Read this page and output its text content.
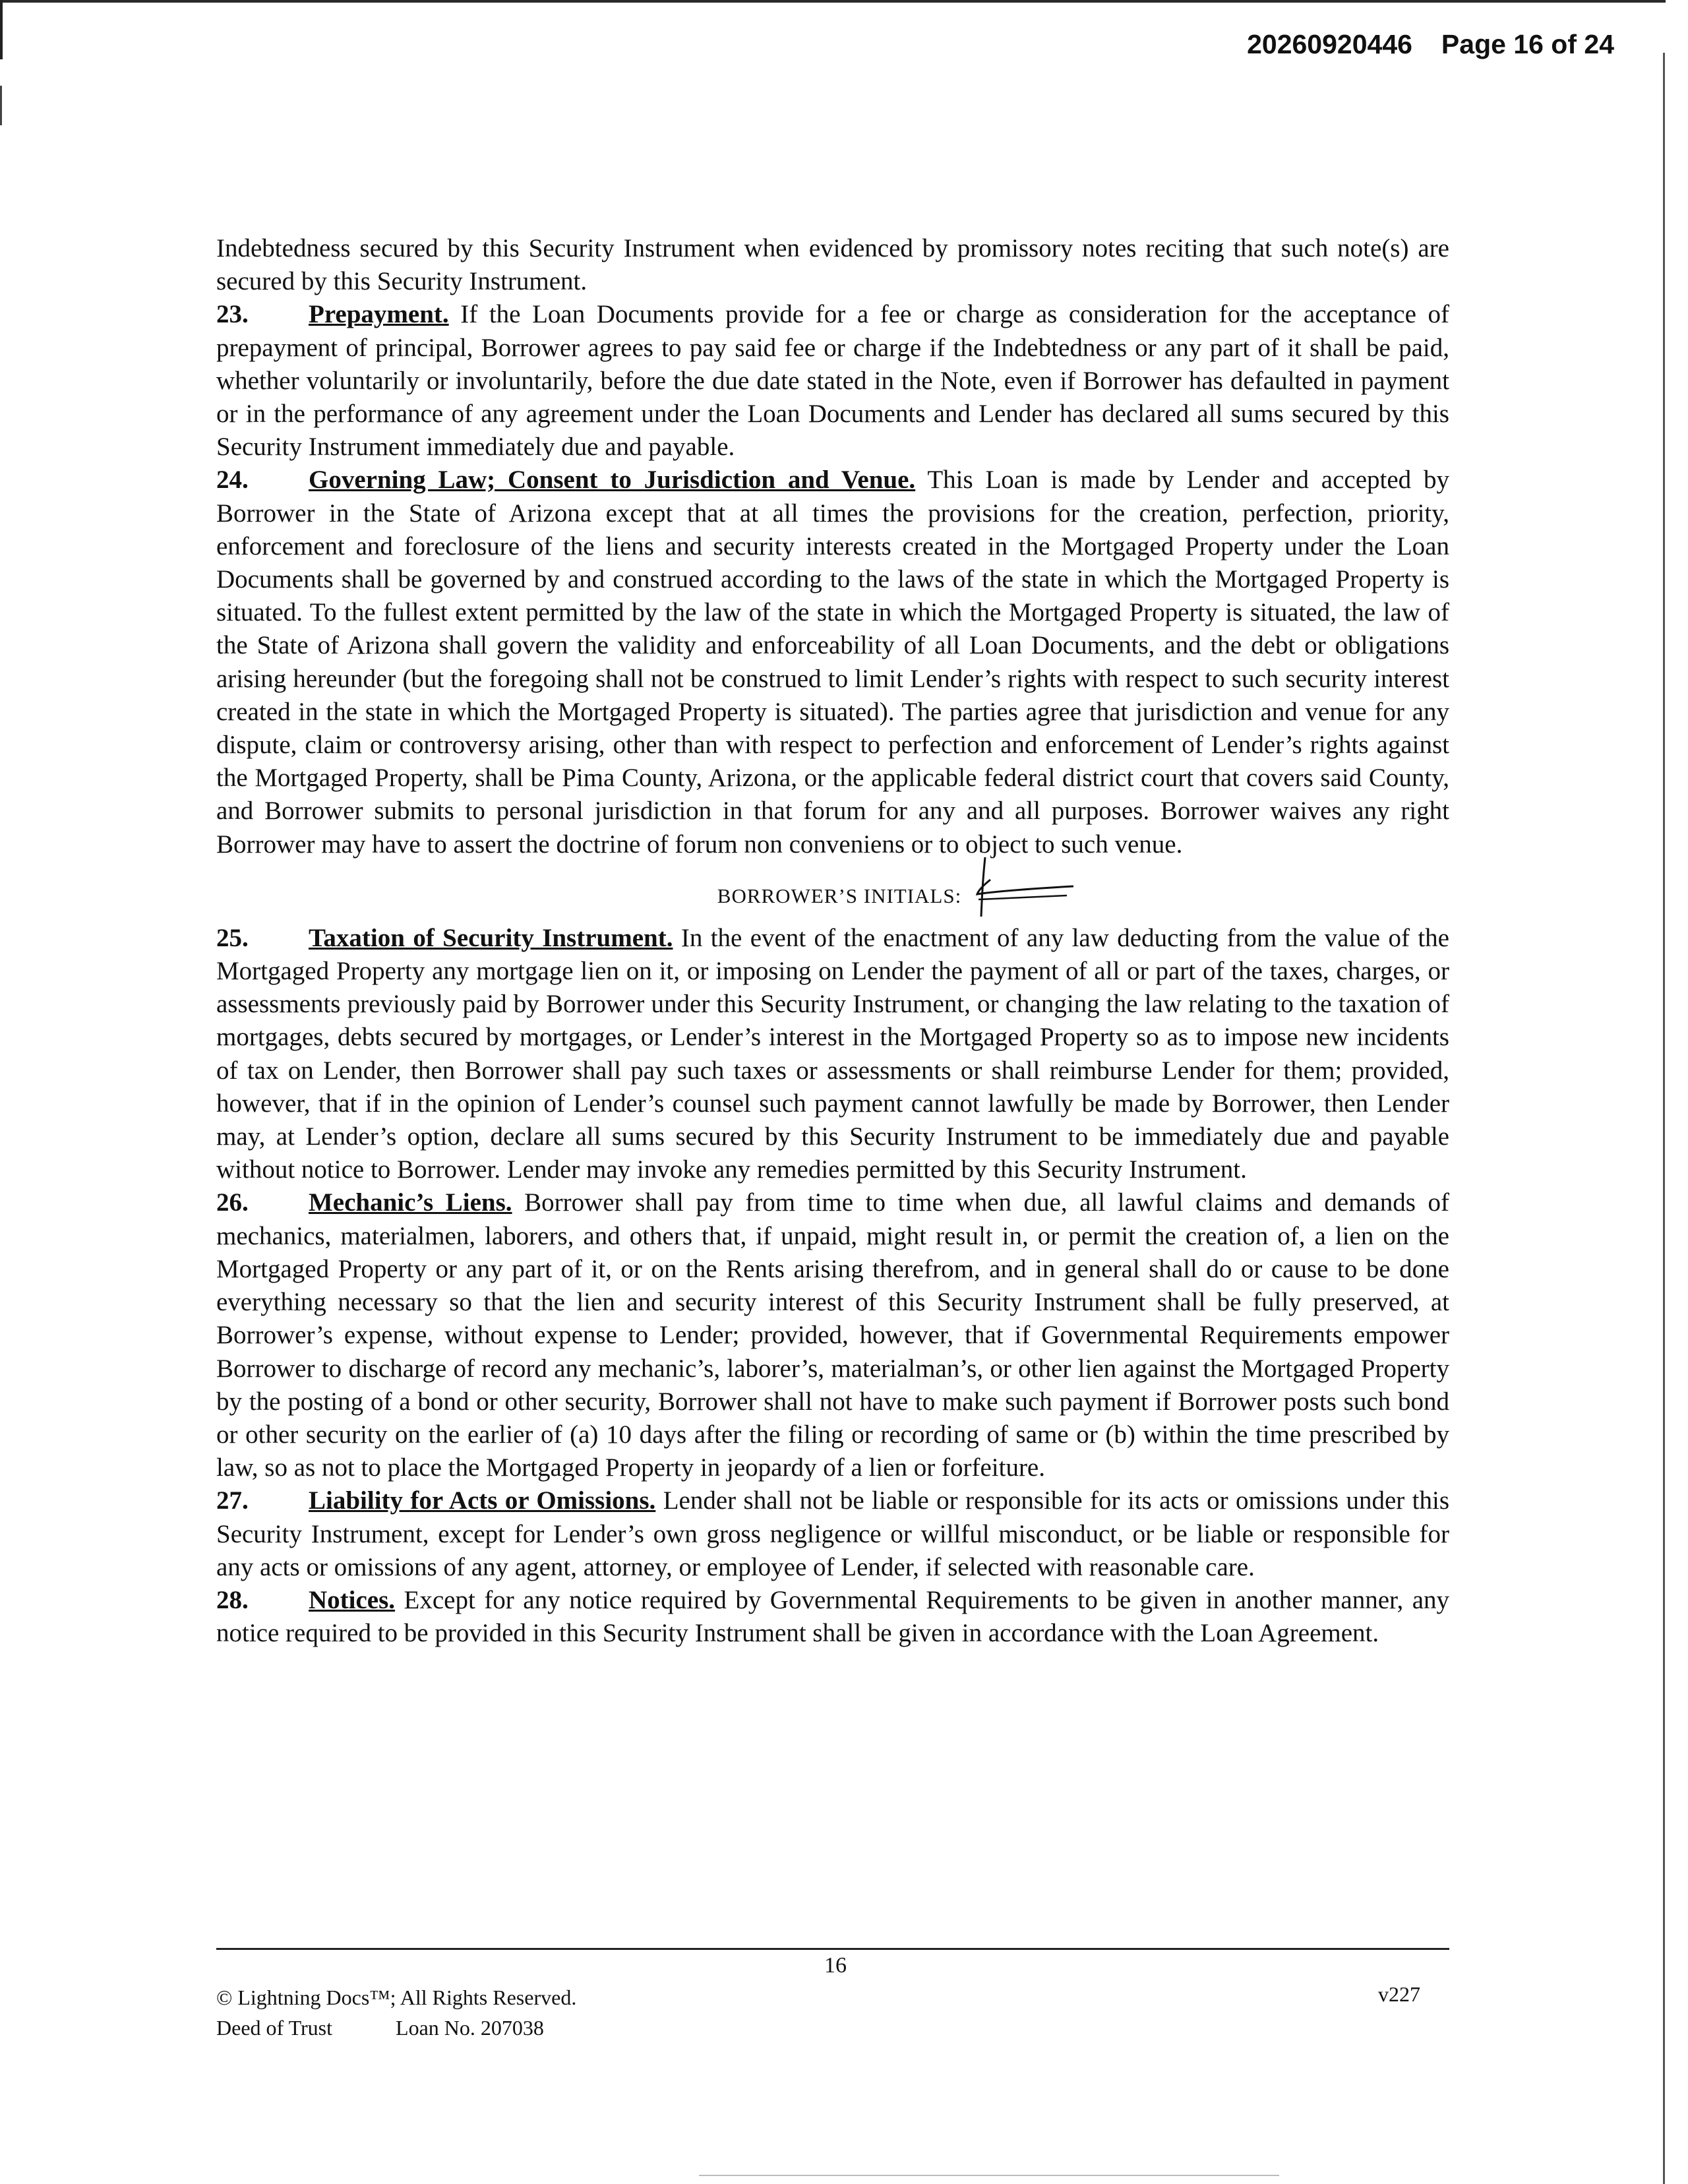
20260920446 Page 16 of 24

Indebtedness secured by this Security Instrument when evidenced by promissory notes reciting that such note(s) are secured by this Security Instrument.

23. Prepayment. If the Loan Documents provide for a fee or charge as consideration for the acceptance of prepayment of principal, Borrower agrees to pay said fee or charge if the Indebtedness or any part of it shall be paid, whether voluntarily or involuntarily, before the due date stated in the Note, even if Borrower has defaulted in payment or in the performance of any agreement under the Loan Documents and Lender has declared all sums secured by this Security Instrument immediately due and payable.

24. Governing Law; Consent to Jurisdiction and Venue. This Loan is made by Lender and accepted by Borrower in the State of Arizona except that at all times the provisions for the creation, perfection, priority, enforcement and foreclosure of the liens and security interests created in the Mortgaged Property under the Loan Documents shall be governed by and construed according to the laws of the state in which the Mortgaged Property is situated. To the fullest extent permitted by the law of the state in which the Mortgaged Property is situated, the law of the State of Arizona shall govern the validity and enforceability of all Loan Documents, and the debt or obligations arising hereunder (but the foregoing shall not be construed to limit Lender’s rights with respect to such security interest created in the state in which the Mortgaged Property is situated). The parties agree that jurisdiction and venue for any dispute, claim or controversy arising, other than with respect to perfection and enforcement of Lender’s rights against the Mortgaged Property, shall be Pima County, Arizona, or the applicable federal district court that covers said County, and Borrower submits to personal jurisdiction in that forum for any and all purposes. Borrower waives any right Borrower may have to assert the doctrine of forum non conveniens or to object to such venue.

$_{BORROWER’S INITIALS:}$

25. Taxation of Security Instrument. In the event of the enactment of any law deducting from the value of the Mortgaged Property any mortgage lien on it, or imposing on Lender the payment of all or part of the taxes, charges, or assessments previously paid by Borrower under this Security Instrument, or changing the law relating to the taxation of mortgages, debts secured by mortgages, or Lender’s interest in the Mortgaged Property so as to impose new incidents of tax on Lender, then Borrower shall pay such taxes or assessments or shall reimburse Lender for them; provided, however, that if in the opinion of Lender’s counsel such payment cannot lawfully be made by Borrower, then Lender may, at Lender’s option, declare all sums secured by this Security Instrument to be immediately due and payable without notice to Borrower. Lender may invoke any remedies permitted by this Security Instrument.

26. Mechanic’s Liens. Borrower shall pay from time to time when due, all lawful claims and demands of mechanics, materialmen, laborers, and others that, if unpaid, might result in, or permit the creation of, a lien on the Mortgaged Property or any part of it, or on the Rents arising therefrom, and in general shall do or cause to be done everything necessary so that the lien and security interest of this Security Instrument shall be fully preserved, at Borrower’s expense, without expense to Lender; provided, however, that if Governmental Requirements empower Borrower to discharge of record any mechanic’s, laborer’s, materialman’s, or other lien against the Mortgaged Property by the posting of a bond or other security, Borrower shall not have to make such payment if Borrower posts such bond or other security on the earlier of (a) 10 days after the filing or recording of same or (b) within the time prescribed by law, so as not to place the Mortgaged Property in jeopardy of a lien or forfeiture.

27. Liability for Acts or Omissions. Lender shall not be liable or responsible for its acts or omissions under this Security Instrument, except for Lender’s own gross negligence or willful misconduct, or be liable or responsible for any acts or omissions of any agent, attorney, or employee of Lender, if selected with reasonable care.

28. Notices. Except for any notice required by Governmental Requirements to be given in another manner, any notice required to be provided in this Security Instrument shall be given in accordance with the Loan Agreement.

16
© Lightning Docs™; All Rights Reserved.
Deed of Trust	Loan No. 207038
v227
